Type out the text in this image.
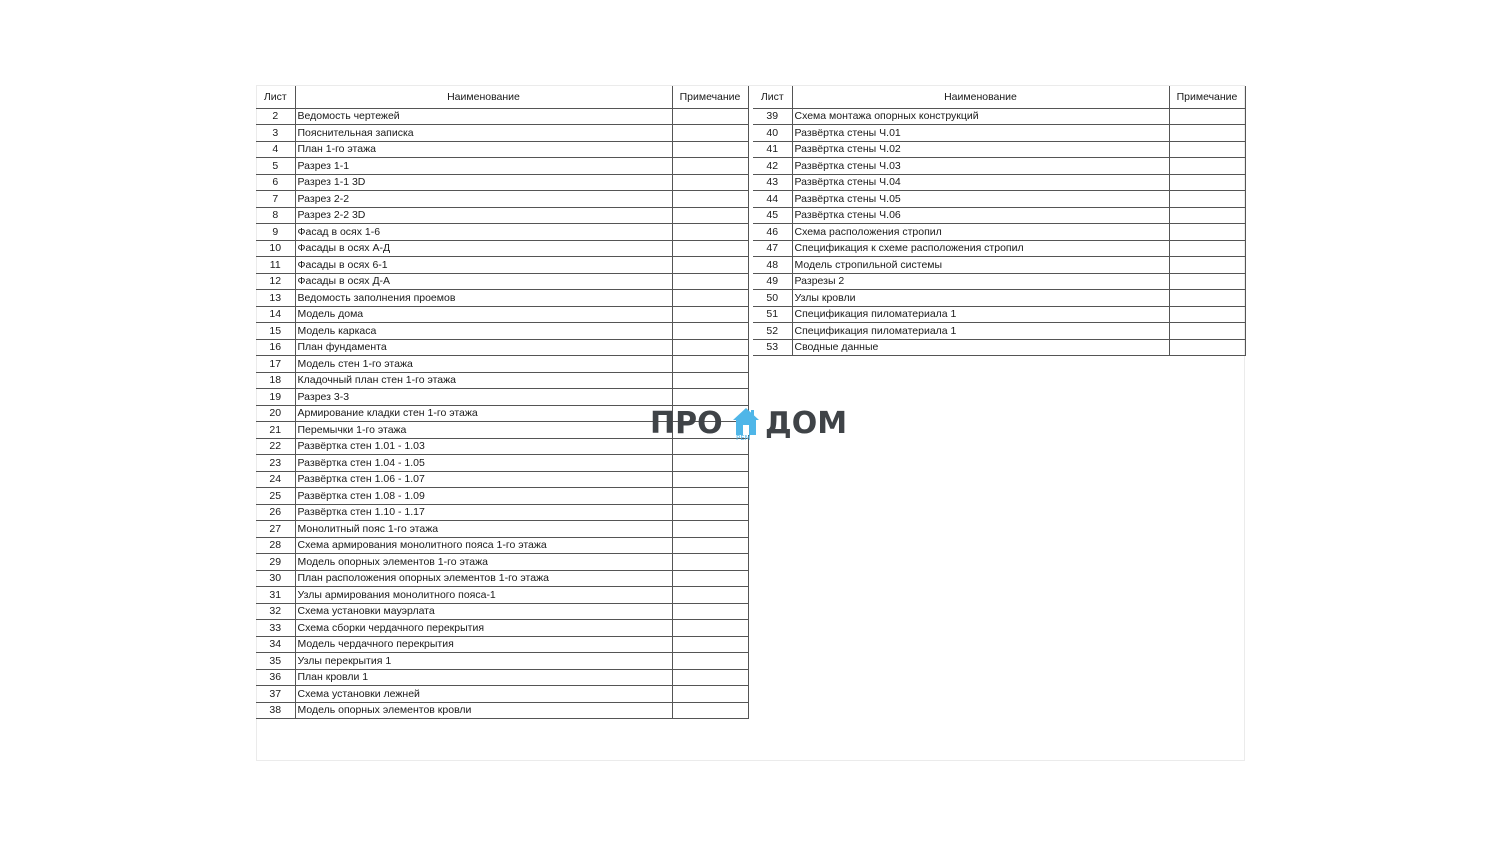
Лист	Наименование	Примечание
2	Ведомость чертежей	
3	Пояснительная записка	
4	План 1-го этажа	
5	Разрез 1-1	
6	Разрез 1-1 3D	
7	Разрез 2-2	
8	Разрез 2-2 3D	
9	Фасад в осях 1-6	
10	Фасады в осях А-Д	
11	Фасады в осях 6-1	
12	Фасады в осях Д-А	
13	Ведомость заполнения проемов	
14	Модель дома	
15	Модель каркаса	
16	План фундамента	
17	Модель стен 1-го этажа	
18	Кладочный план стен 1-го этажа	
19	Разрез 3-3	
20	Армирование кладки стен 1-го этажа	
21	Перемычки 1-го этажа	
22	Развёртка стен 1.01 - 1.03	
23	Развёртка стен 1.04 - 1.05	
24	Развёртка стен 1.06 - 1.07	
25	Развёртка стен 1.08 - 1.09	
26	Развёртка стен 1.10 - 1.17	
27	Монолитный пояс 1-го этажа	
28	Схема армирования монолитного пояса 1-го этажа	
29	Модель опорных элементов 1-го этажа	
30	План расположения опорных элементов 1-го этажа	
31	Узлы армирования монолитного пояса-1	
32	Схема установки мауэрлата	
33	Схема сборки чердачного перекрытия	
34	Модель чердачного перекрытия	
35	Узлы перекрытия 1	
36	План кровли 1	
37	Схема установки лежней	
38	Модель опорных элементов кровли	
Лист	Наименование	Примечание
39	Схема монтажа опорных конструкций	
40	Развёртка стены Ч.01	
41	Развёртка стены Ч.02	
42	Развёртка стены Ч.03	
43	Развёртка стены Ч.04	
44	Развёртка стены Ч.05	
45	Развёртка стены Ч.06	
46	Схема расположения стропил	
47	Спецификация к схеме расположения стропил	
48	Модель стропильной системы	
49	Разрезы 2	
50	Узлы кровли	
51	Спецификация пиломатериала 1	
52	Спецификация пиломатериала 1	
53	Сводные данные	
ПРО РЕМ ДОМ
